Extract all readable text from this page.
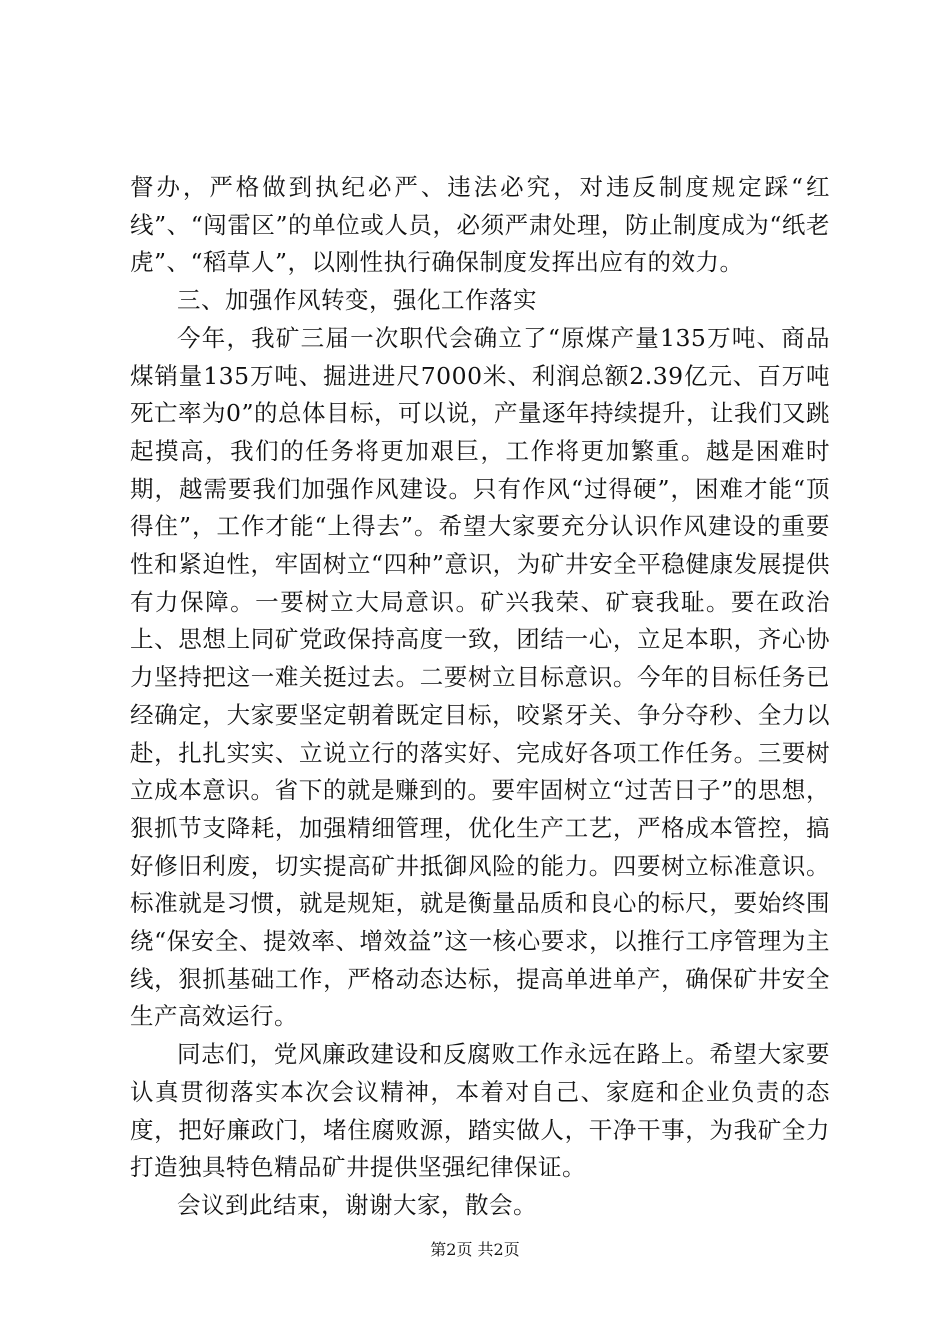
督办，严格做到执纪必严、违法必究，对违反制度规定踩“红线”、“闯雷区”的单位或人员，必须严肃处理，防止制度成为“纸老虎”、“稻草人”，以刚性执行确保制度发挥出应有的效力。

三、加强作风转变，强化工作落实

今年，我矿三届一次职代会确立了“原煤产量135万吨、商品煤销量135万吨、掘进进尺7000米、利润总额2.39亿元、百万吨死亡率为0”的总体目标，可以说，产量逐年持续提升，让我们又跳起摸高，我们的任务将更加艰巨，工作将更加繁重。越是困难时期，越需要我们加强作风建设。只有作风“过得硬”，困难才能“顶得住”，工作才能“上得去”。希望大家要充分认识作风建设的重要性和紧迫性，牢固树立“四种”意识，为矿井安全平稳健康发展提供有力保障。一要树立大局意识。矿兴我荣、矿衰我耻。要在政治上、思想上同矿党政保持高度一致，团结一心，立足本职，齐心协力坚持把这一难关挺过去。二要树立目标意识。今年的目标任务已经确定，大家要坚定朝着既定目标，咬紧牙关、争分夺秒、全力以赴，扎扎实实、立说立行的落实好、完成好各项工作任务。三要树立成本意识。省下的就是赚到的。要牢固树立“过苦日子”的思想，狠抓节支降耗，加强精细管理，优化生产工艺，严格成本管控，搞好修旧利废，切实提高矿井抵御风险的能力。四要树立标准意识。标准就是习惯，就是规矩，就是衡量品质和良心的标尺，要始终围绕“保安全、提效率、增效益”这一核心要求，以推行工序管理为主线，狠抓基础工作，严格动态达标，提高单进单产，确保矿井安全生产高效运行。

同志们，党风廉政建设和反腐败工作永远在路上。希望大家要认真贯彻落实本次会议精神，本着对自己、家庭和企业负责的态度，把好廉政门，堵住腐败源，踏实做人，干净干事，为我矿全力打造独具特色精品矿井提供坚强纪律保证。

会议到此结束，谢谢大家，散会。

第2页 共2页
